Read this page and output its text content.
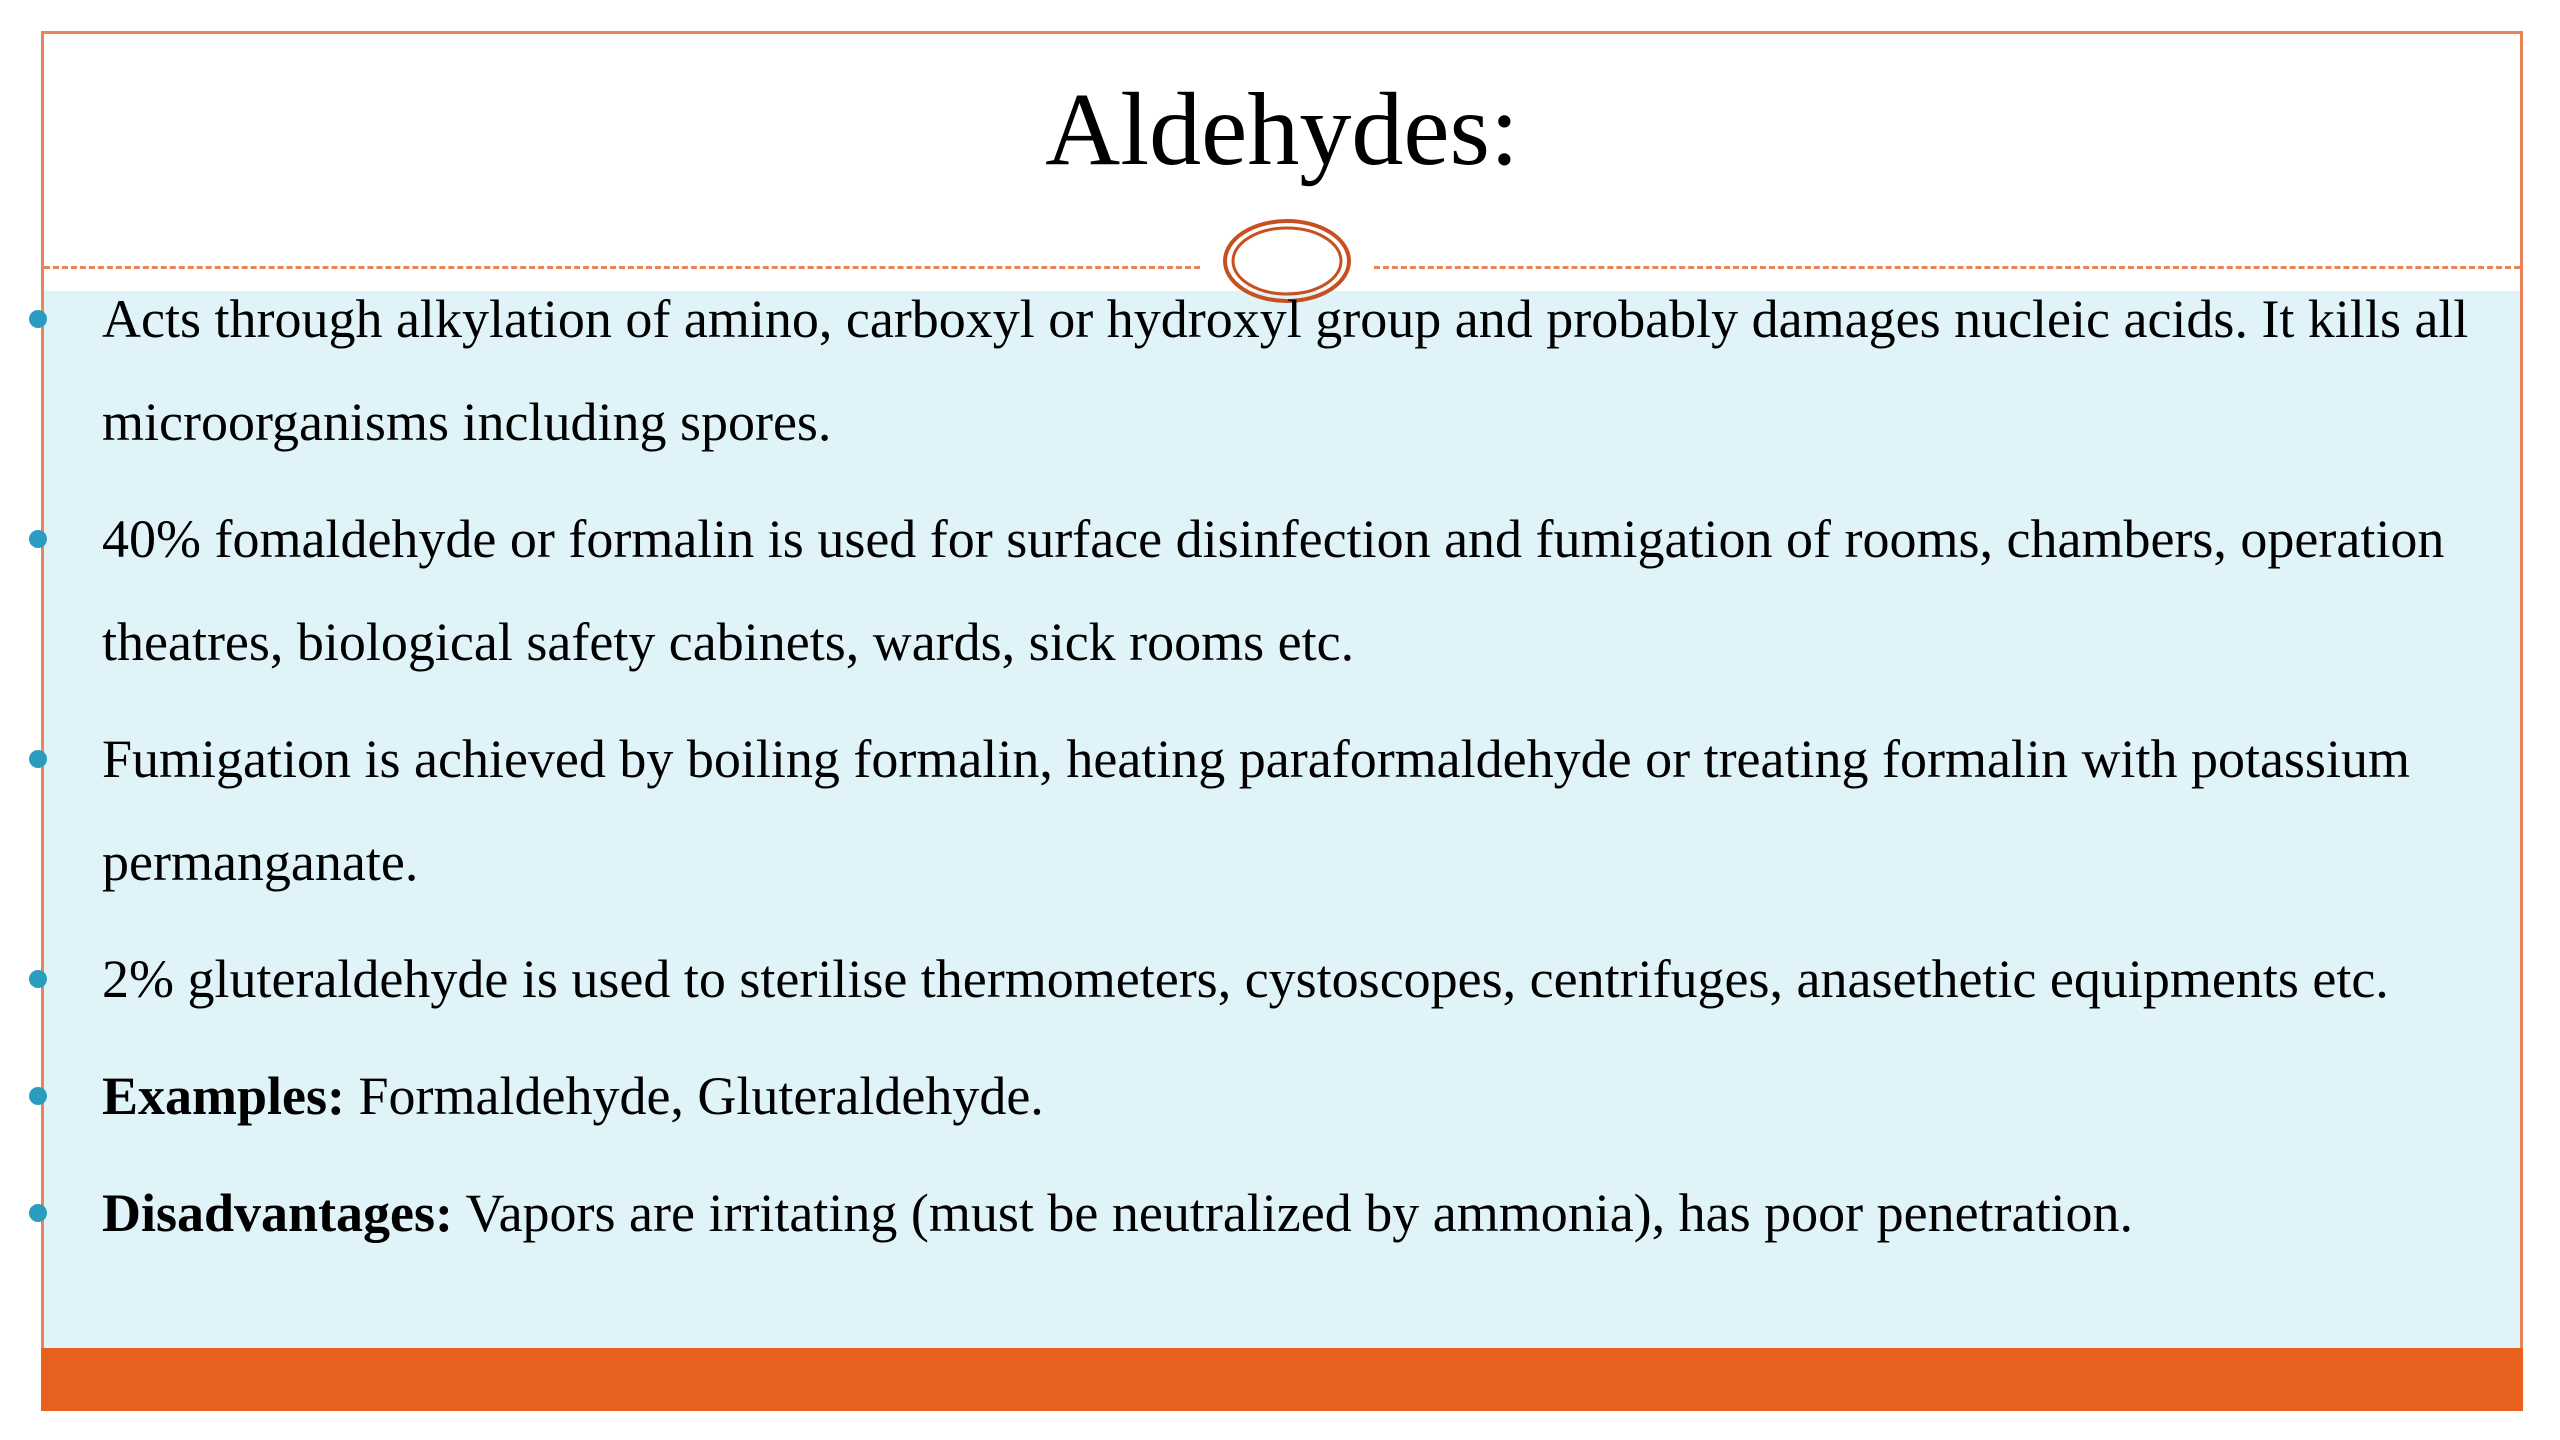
Aldehydes:
Acts through alkylation of amino, carboxyl or hydroxyl group and probably damages nucleic acids. It kills all microorganisms including spores.
40% fomaldehyde or formalin is used for surface disinfection and fumigation of rooms, chambers, operation theatres, biological safety cabinets, wards, sick rooms etc.
Fumigation is achieved by boiling formalin, heating paraformaldehyde or treating formalin with potassium permanganate.
2% gluteraldehyde is used to sterilise thermometers, cystoscopes, centrifuges, anasethetic equipments etc.
Examples: Formaldehyde, Gluteraldehyde.
Disadvantages: Vapors are irritating (must be neutralized by ammonia), has poor penetration.
